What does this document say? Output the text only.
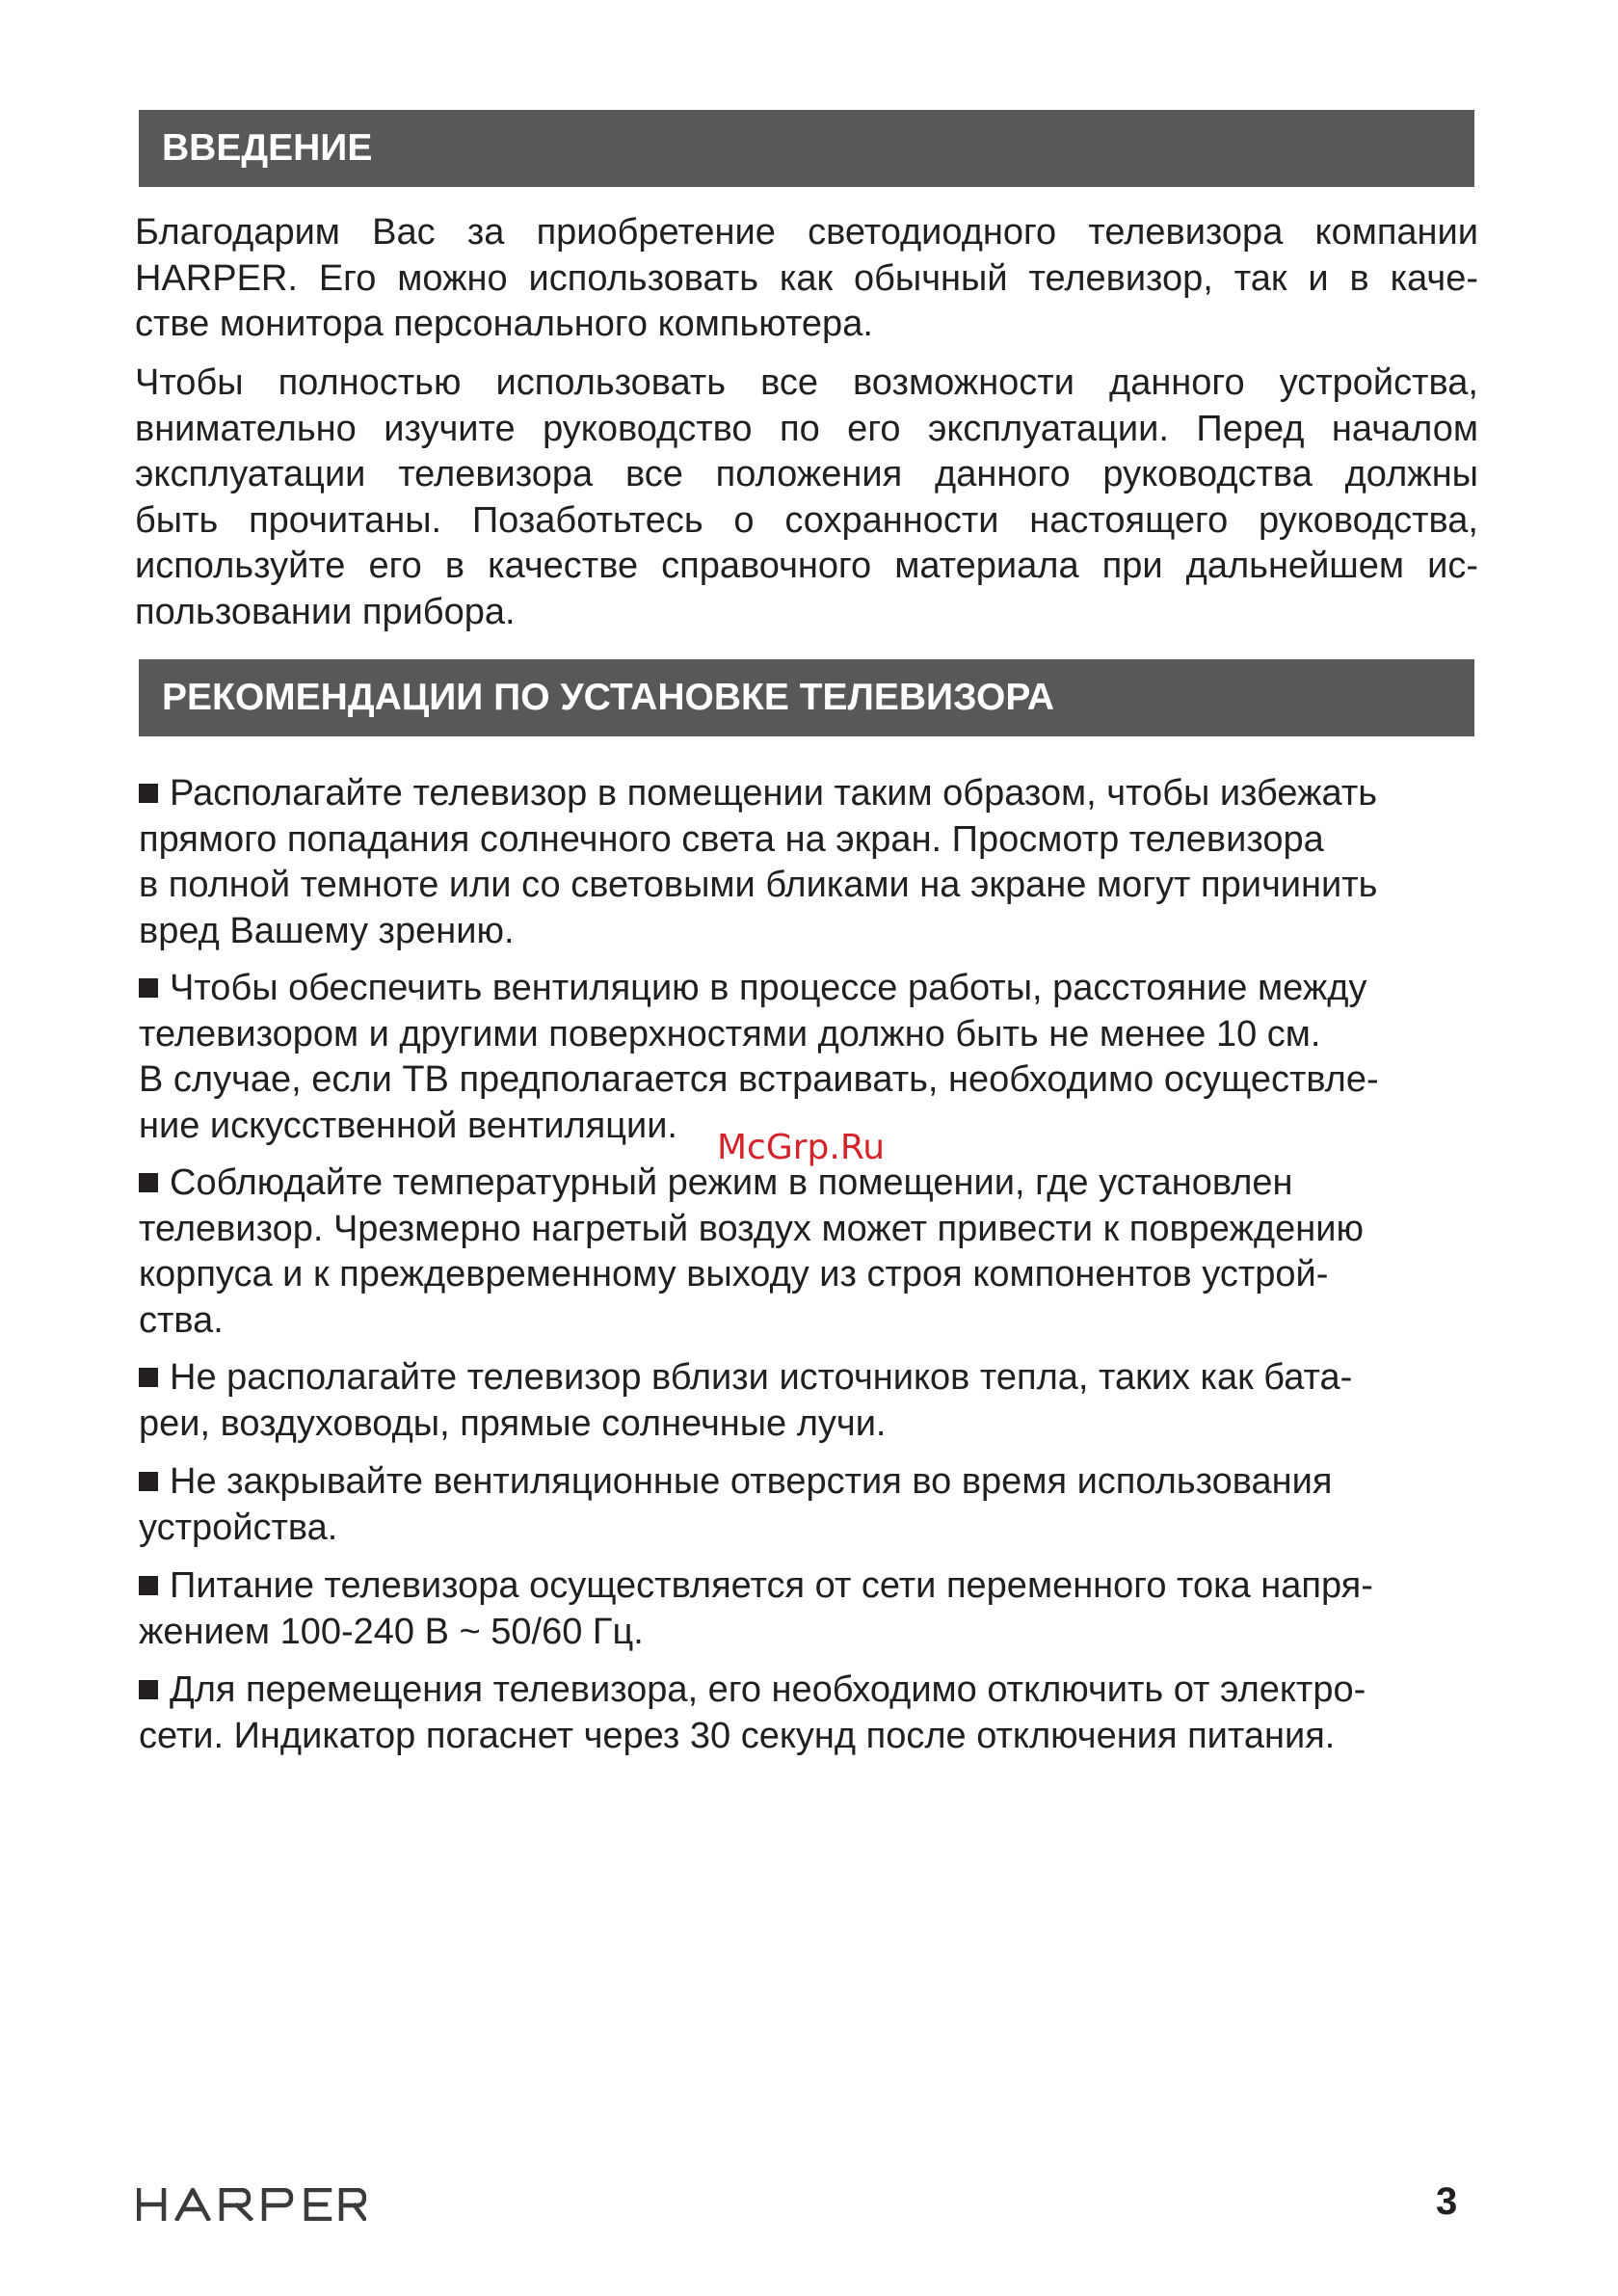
ВВЕДЕНИЕ
Благодарим Вас за приобретение светодиодного телевизора компании
HARPER. Его можно использовать как обычный телевизор, так и в каче-
стве монитора персонального компьютера.
Чтобы полностью использовать все возможности данного устройства,
внимательно изучите руководство по его эксплуатации. Перед началом
эксплуатации телевизора все положения данного руководства должны
быть прочитаны. Позаботьтесь о сохранности настоящего руководства,
используйте его в качестве справочного материала при дальнейшем ис-
пользовании прибора.
РЕКОМЕНДАЦИИ ПО УСТАНОВКЕ ТЕЛЕВИЗОРА
Располагайте телевизор в помещении таким образом, чтобы избежать
прямого попадания солнечного света на экран. Просмотр телевизора
в полной темноте или со световыми бликами на экране могут причинить
вред Вашему зрению.
Чтобы обеспечить вентиляцию в процессе работы, расстояние между
телевизором и другими поверхностями должно быть не менее 10 см.
В случае, если ТВ предполагается встраивать, необходимо осуществле-
ние искусственной вентиляции.
Соблюдайте температурный режим в помещении, где установлен
телевизор. Чрезмерно нагретый воздух может привести к повреждению
корпуса и к преждевременному выходу из строя компонентов устрой-
ства.
Не располагайте телевизор вблизи источников тепла, таких как бата-
реи, воздуховоды, прямые солнечные лучи.
Не закрывайте вентиляционные отверстия во время использования
устройства.
Питание телевизора осуществляется от сети переменного тока напря-
жением 100-240 В ~ 50/60 Гц.
Для перемещения телевизора, его необходимо отключить от электро-
сети. Индикатор погаснет через 30 секунд после отключения питания.
McGrp.Ru
3
